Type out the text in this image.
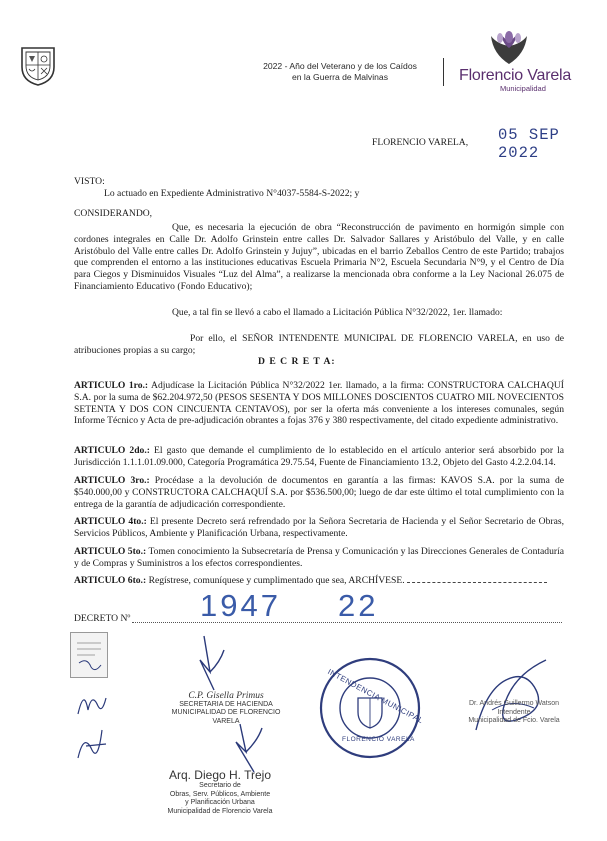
2022 - Año del Veterano y de los Caídos
en la Guerra de Malvinas	Florencio Varela
Municipalidad
FLORENCIO VARELA, 05 SEP 2022
VISTO:
Lo actuado en Expediente Administrativo N°4037-5584-S-2022; y
CONSIDERANDO,
Que, es necesaria la ejecución de obra “Reconstrucción de pavimento en hormigón simple con cordones integrales en Calle Dr. Adolfo Grinstein entre calles Dr. Salvador Sallares y Aristóbulo del Valle, y en calle Aristóbulo del Valle entre calles Dr. Adolfo Grinstein y Jujuy”, ubicadas en el barrio Zeballos Centro de este Partido; trabajos que comprenden el entorno a las instituciones educativas Escuela Primaria N°2, Escuela Secundaria N°9, y el Centro de Día para Ciegos y Disminuidos Visuales “Luz del Alma”, a realizarse la mencionada obra conforme a la Ley Nacional 26.075 de Financiamiento Educativo (Fondo Educativo);
Que, a tal fin se llevó a cabo el llamado a Licitación Pública N°32/2022, 1er. llamado:
Por ello, el SEÑOR INTENDENTE MUNICIPAL DE FLORENCIO VARELA, en uso de atribuciones propias a su cargo;
D E C R E T A:
ARTICULO 1ro.: Adjudícase la Licitación Pública N°32/2022 1er. llamado, a la firma: CONSTRUCTORA CALCHAQUÍ S.A. por la suma de $62.204.972,50 (PESOS SESENTA Y DOS MILLONES DOSCIENTOS CUATRO MIL NOVECIENTOS SETENTA Y DOS CON CINCUENTA CENTAVOS), por ser la oferta más conveniente a los intereses comunales, según Informe Técnico y Acta de pre-adjudicación obrantes a fojas 376 y 380 respectivamente, del citado expediente administrativo.
ARTICULO 2do.: El gasto que demande el cumplimiento de lo establecido en el artículo anterior será absorbido por la Jurisdicción 1.1.1.01.09.000, Categoría Programática 29.75.54, Fuente de Financiamiento 13.2, Objeto del Gasto 4.2.2.04.14.
ARTICULO 3ro.: Procédase a la devolución de documentos en garantía a las firmas: KAVOS S.A. por la suma de $540.000,00 y CONSTRUCTORA CALCHAQUÍ S.A. por $536.500,00; luego de dar este último el total cumplimiento con la entrega de la garantía de adjudicación correspondiente.
ARTICULO 4to.: El presente Decreto será refrendado por la Señora Secretaria de Hacienda y el Señor Secretario de Obras, Servicios Públicos, Ambiente y Planificación Urbana, respectivamente.
ARTICULO 5to.: Tomen conocimiento la Subsecretaría de Prensa y Comunicación y las Direcciones Generales de Contaduría y de Compras y Suministros a los efectos correspondientes.
ARTICULO 6to.: Regístrese, comuníquese y cumplimentado que sea, ARCHÍVESE.
DECRETO Nº 1947 22
C.P. Gisella Primus
SECRETARIA DE HACIENDA
MUNICIPALIDAD DE FLORENCIO VARELA	INTENDENCIA MUNICIPAL
FLORENCIO VARELA
Dr. Andrés Guillermo Watson
Intendente
Municipalidad de Fcio. Varela
Arq. Diego H. Trejo
Secretario de
Obras, Serv. Públicos, Ambiente
y Planificación Urbana
Municipalidad de Florencio Varela
